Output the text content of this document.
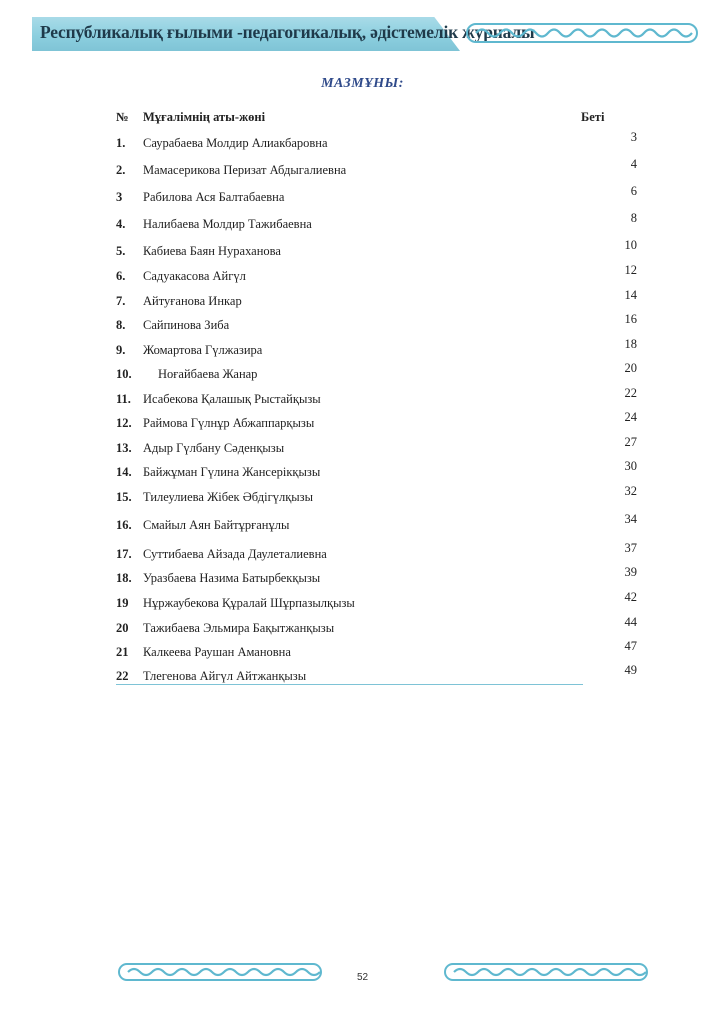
Республикалық ғылыми -педагогикалық, әдістемелік журналы
МАЗМҰНЫ:
№ Мұғалімнің аты-жөні	Беті
1. Саурабаева Молдир Алиакбаровна	3
2. Мамасерикова Перизат Абдыгалиевна	4
3 Рабилова Ася Балтабаевна	6
4. Налибаева Молдир Тажибаевна	8
5. Кабиева Баян Нураханова	10
6. Садуакасова Айгүл	12
7. Айтуғанова Инкар	14
8. Сайпинова Зиба	16
9. Жомартова Гүлжазира	18
10. Ноғайбаева Жанар	20
11. Исабекова Қалашық Рыстайқызы	22
12. Раймова Гүлнұр Абжаппарқызы	24
13. Адыр Гүлбану Сәденқызы	27
14. Байжұман Гүлина Жансерікқызы	30
15. Тилеулиева Жібек Әбдігүлқызы	32
16. Смайыл Аян Байтұрғанұлы	34
17. Суттибаева Айзада Даулеталиевна	37
18. Уразбаева Назима Батырбекқызы	39
19 Нұржаубекова Құралай Шұрпазылқызы	42
20 Тажибаева Эльмира Бақытжанқызы	44
21 Калкеева Раушан Амановна	47
22 Тлегенова Айгүл Айтжанқызы	49
52
